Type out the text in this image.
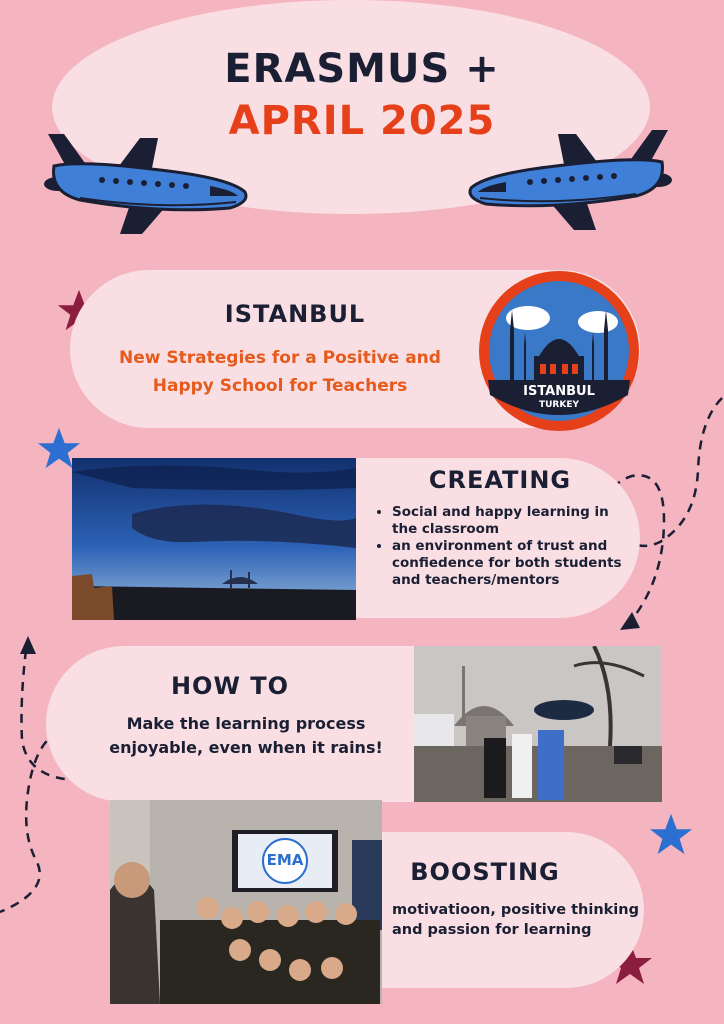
ERASMUS +
APRIL 2025
ISTANBUL
New Strategies for a Positive and
Happy School for Teachers	ISTANBUL
TURKEY
CREATING
• Social and happy learning in the classroom
• an environment of trust and confiedence for both students and teachers/mentors
HOW TO
Make the learning process
enjoyable, even when it rains!
EMA	BOOSTING
motivatioon, positive thinking
and passion for learning
